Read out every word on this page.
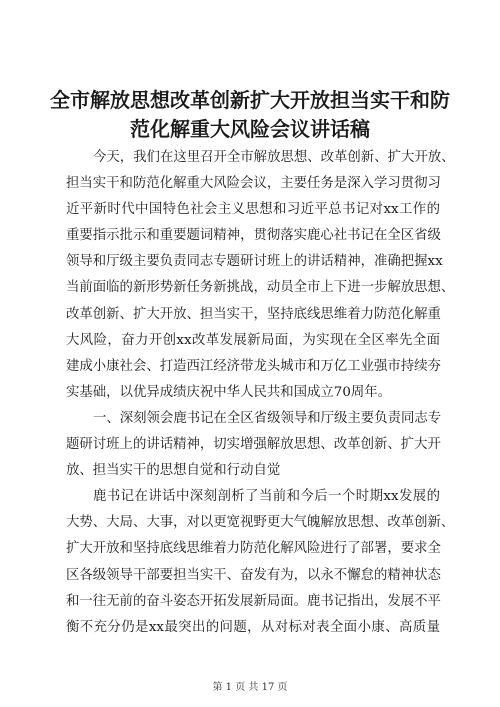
全市解放思想改革创新扩大开放担当实干和防
范化解重大风险会议讲话稿
今天，我们在这里召开全市解放思想、改革创新、扩大开放、
担当实干和防范化解重大风险会议，主要任务是深入学习贯彻习
近平新时代中国特色社会主义思想和习近平总书记对xx工作的
重要指示批示和重要题词精神，贯彻落实鹿心社书记在全区省级
领导和厅级主要负责同志专题研讨班上的讲话精神，准确把握xx
当前面临的新形势新任务新挑战，动员全市上下进一步解放思想、
改革创新、扩大开放、担当实干，坚持底线思维着力防范化解重
大风险，奋力开创xx改革发展新局面，为实现在全区率先全面
建成小康社会、打造西江经济带龙头城市和万亿工业强市持续夯
实基础，以优异成绩庆祝中华人民共和国成立70周年。
一、深刻领会鹿书记在全区省级领导和厅级主要负责同志专
题研讨班上的讲话精神，切实增强解放思想、改革创新、扩大开
放、担当实干的思想自觉和行动自觉
鹿书记在讲话中深刻剖析了当前和今后一个时期xx发展的
大势、大局、大事，对以更宽视野更大气魄解放思想、改革创新、
扩大开放和坚持底线思维着力防范化解风险进行了部署，要求全
区各级领导干部要担当实干、奋发有为，以永不懈怠的精神状态
和一往无前的奋斗姿态开拓发展新局面。鹿书记指出，发展不平
衡不充分仍是xx最突出的问题，从对标对表全面小康、高质量
第 1 页 共 17 页
